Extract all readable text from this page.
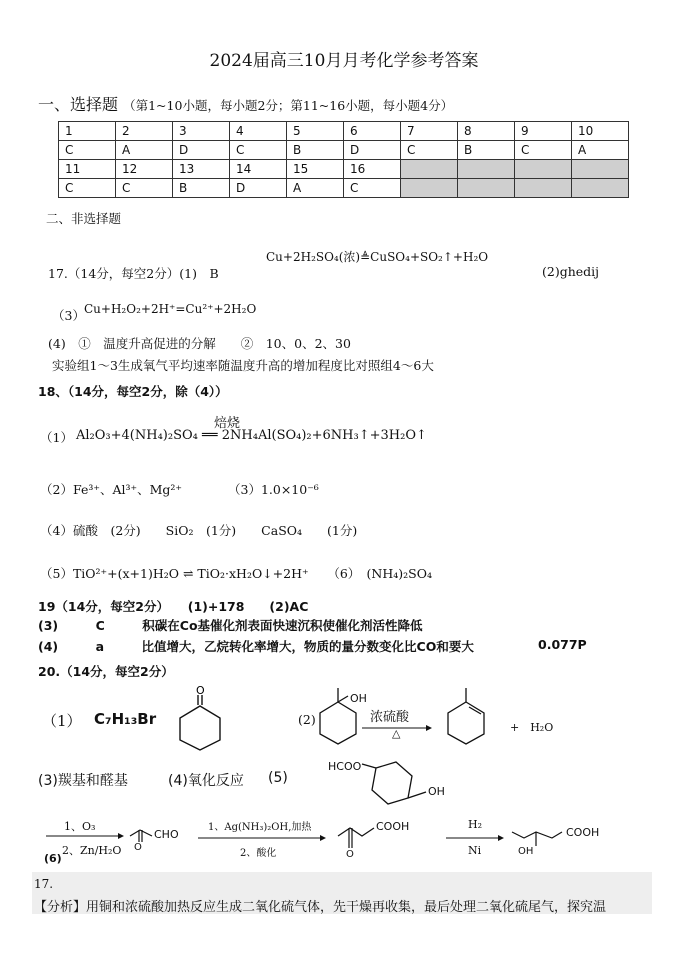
2024届高三10月月考化学参考答案
一、选择题 （第1~10小题，每小题2分；第11~16小题，每小题4分）
1	2	3	4	5	6	7	8	9	10
C	A	D	C	B	D	C	B	C	A
11	12	13	14	15	16				
C	C	B	D	A	C				
二、非选择题
Cu+2H₂SO₄(浓)≜CuSO₄+SO₂↑+H₂O
17.（14分，每空2分）(1)　B	(2)ghedij
（3） Cu+H₂O₂+2H⁺=Cu²⁺+2H₂O
(4)　①　温度升高促进的分解　　②　10、0、2、30
实验组1～3生成氧气平均速率随温度升高的增加程度比对照组4～6大
18、（14分，每空2分，除（4））
焙烧
（1） Al₂O₃+4(NH₄)₂SO₄ ══ 2NH₄Al(SO₄)₂+6NH₃↑+3H₂O↑
（2）Fe³⁺、Al³⁺、Mg²⁺	（3）1.0×10⁻⁶
（4）硫酸　(2分)　　SiO₂　(1分)　　CaSO₄　　(1分)
（5）TiO²⁺+(x+1)H₂O ⇌ TiO₂·xH₂O↓+2H⁺　　（6）　(NH₄)₂SO₄
19（14分，每空2分）　　(1)+178　　(2)AC
(3)　　　C　　　积碳在Co基催化剂表面快速沉积使催化剂活性降低
(4)　　　a　　　比值增大，乙烷转化率增大，物质的量分数变化比CO和要大	0.077P
20.（14分，每空2分）
（1） C₇H₁₃Br
O
(2)
OH
浓硫酸
△	+　H₂O
(3)羰基和醛基	(4)氧化反应 (5)
HCOO
OH
1、O₃
2、Zn/H₂O
(6)
O
CHO
1、Ag(NH₃)₂OH,加热
2、酸化	O
COOH	H₂
Ni	OH
COOH
17.
【分析】用铜和浓硫酸加热反应生成二氧化硫气体，先干燥再收集，最后处理二氧化硫尾气，探究温
